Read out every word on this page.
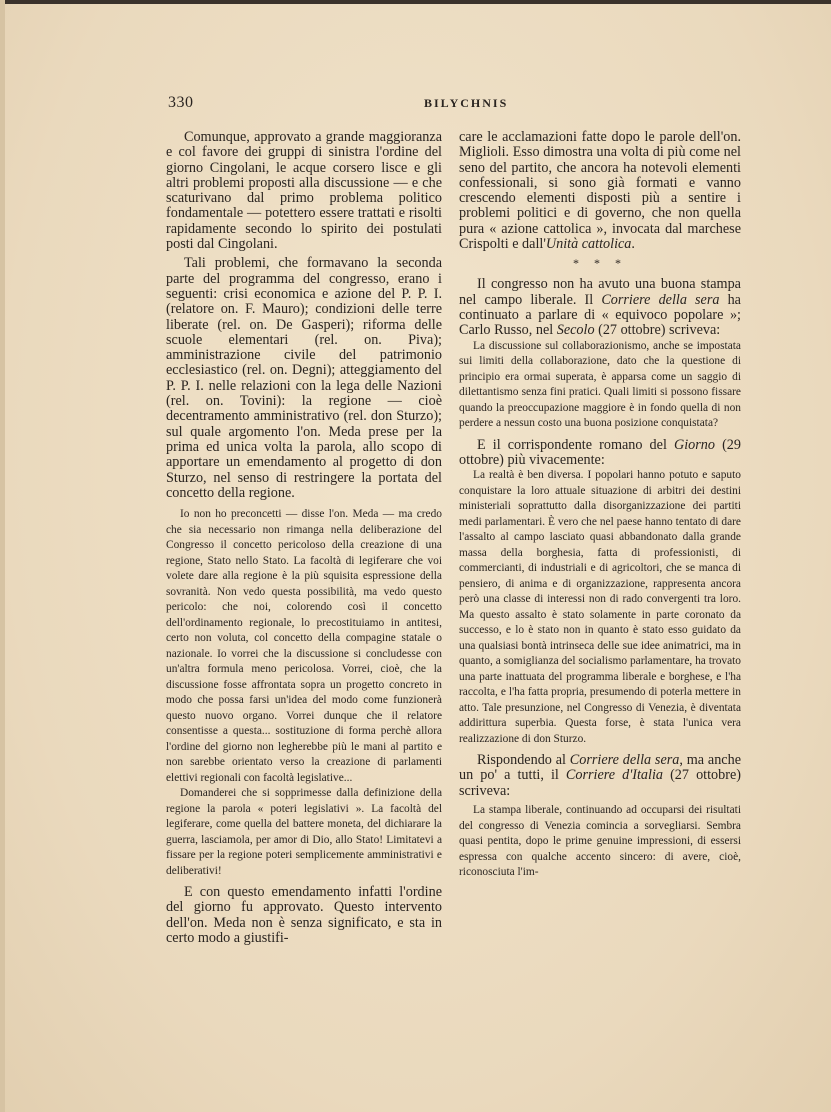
330	BILYCHNIS

Comunque, approvato a grande maggioranza e col favore dei gruppi di sinistra l'ordine del giorno Cingolani, le acque corsero lisce e gli altri problemi proposti alla discussione — e che scaturivano dal primo problema politico fondamentale — potettero essere trattati e risolti rapidamente secondo lo spirito dei postulati posti dal Cingolani.

Tali problemi, che formavano la seconda parte del programma del congresso, erano i seguenti: crisi economica e azione del P. P. I. (relatore on. F. Mauro); condizioni delle terre liberate (rel. on. De Gasperi); riforma delle scuole elementari (rel. on. Piva); amministrazione civile del patrimonio ecclesiastico (rel. on. Degni); atteggiamento del P. P. I. nelle relazioni con la lega delle Nazioni (rel. on. Tovini): la regione — cioè decentramento amministrativo (rel. don Sturzo); sul quale argomento l'on. Meda prese per la prima ed unica volta la parola, allo scopo di apportare un emendamento al progetto di don Sturzo, nel senso di restringere la portata del concetto della regione.

Io non ho preconcetti — disse l'on. Meda — ma credo che sia necessario non rimanga nella deliberazione del Congresso il concetto pericoloso della creazione di una regione, Stato nello Stato. La facoltà di legiferare che voi volete dare alla regione è la più squisita espressione della sovranità. Non vedo questa possibilità, ma vedo questo pericolo: che noi, colorendo così il concetto dell'ordinamento regionale, lo precostituiamo in antitesi, certo non voluta, col concetto della compagine statale o nazionale. Io vorrei che la discussione si concludesse con un'altra formula meno pericolosa. Vorrei, cioè, che la discussione fosse affrontata sopra un progetto concreto in modo che possa farsi un'idea del modo come funzionerà questo nuovo organo. Vorrei dunque che il relatore consentisse a questa... sostituzione di forma perchè allora l'ordine del giorno non legherebbe più le mani al partito e non sarebbe orientato verso la creazione di parlamenti elettivi regionali con facoltà legislative...

Domanderei che si sopprimesse dalla definizione della regione la parola « poteri legislativi ». La facoltà del legiferare, come quella del battere moneta, del dichiarare la guerra, lasciamola, per amor di Dio, allo Stato! Limitatevi a fissare per la regione poteri semplicemente amministrativi e deliberativi!

E con questo emendamento infatti l'ordine del giorno fu approvato. Questo intervento dell'on. Meda non è senza significato, e sta in certo modo a giustifi-

care le acclamazioni fatte dopo le parole dell'on. Miglioli. Esso dimostra una volta di più come nel seno del partito, che ancora ha notevoli elementi confessionali, si sono già formati e vanno crescendo elementi disposti più a sentire i problemi politici e di governo, che non quella pura « azione cattolica », invocata dal marchese Crispolti e dall'Unità cattolica.

* * *

Il congresso non ha avuto una buona stampa nel campo liberale. Il Corriere della sera ha continuato a parlare di « equivoco popolare »; Carlo Russo, nel Secolo (27 ottobre) scriveva:

La discussione sul collaborazionismo, anche se impostata sui limiti della collaborazione, dato che la questione di principio era ormai superata, è apparsa come un saggio di dilettantismo senza fini pratici. Quali limiti si possono fissare quando la preoccupazione maggiore è in fondo quella di non perdere a nessun costo una buona posizione conquistata?

E il corrispondente romano del Giorno (29 ottobre) più vivacemente:

La realtà è ben diversa. I popolari hanno potuto e saputo conquistare la loro attuale situazione di arbitri dei destini ministeriali soprattutto dalla disorganizzazione dei partiti medi parlamentari. È vero che nel paese hanno tentato di dare l'assalto al campo lasciato quasi abbandonato dalla grande massa della borghesia, fatta di professionisti, di commercianti, di industriali e di agricoltori, che se manca di pensiero, di anima e di organizzazione, rappresenta ancora però una classe di interessi non di rado convergenti tra loro. Ma questo assalto è stato solamente in parte coronato da successo, e lo è stato non in quanto è stato esso guidato da una qualsiasi bontà intrinseca delle sue idee animatrici, ma in quanto, a somiglianza del socialismo parlamentare, ha trovato una parte inattuata del programma liberale e borghese, e l'ha raccolta, e l'ha fatta propria, presumendo di poterla mettere in atto. Tale presunzione, nel Congresso di Venezia, è diventata addirittura superbia. Questa forse, è stata l'unica vera realizzazione di don Sturzo.

Rispondendo al Corriere della sera, ma anche un po' a tutti, il Corriere d'Italia (27 ottobre) scriveva:

La stampa liberale, continuando ad occuparsi dei risultati del congresso di Venezia comincia a sorvegliarsi. Sembra quasi pentita, dopo le prime genuine impressioni, di essersi espressa con qualche accento sincero: di avere, cioè, riconosciuta l'im-
